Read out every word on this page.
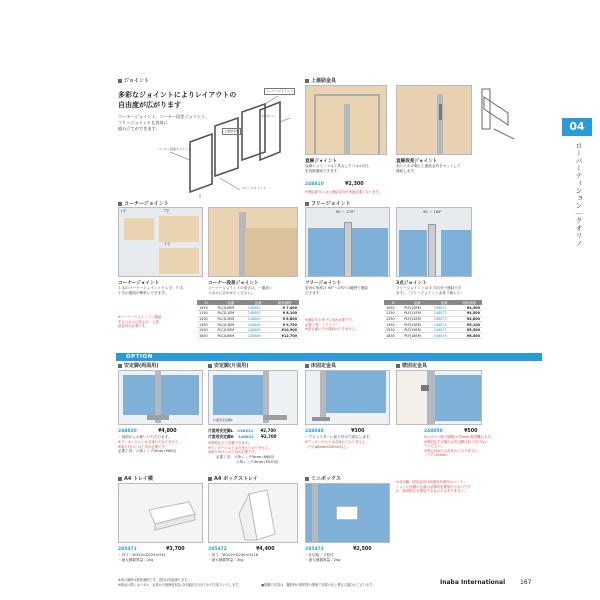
ジョイント
多彩なジョイントによりレイアウトの
自由度が広がります
コーナージョイント、コーナー段差ジョイント、
フリージョイントも容易に
組み立てができます。
コーナー段差ジョイント
コーナージョイント
L字カバー
上連結金具
フリージョイント
上連結金具
直線ジョイント
直線ジョイントは工具なしでパネル同士
を直線連結できます。
直線段差ジョイント
高いパネル側に上連結金具をセットして
連結します。
248810	¥2,300
※連結部分には上連結金具が別途必要になります。
コーナージョイント
L字	T字
十字
コーナージョイント
１本のコーナージョイントで L 字、T 字、
十字の連結が簡単にできます。
コーナー段差ジョイント
コーナージョイントの高さは、一番高い
パネルに合わせてください。
※コーナージョイントに連結
するパネルの高さが、上連
結金具が必要です。
H	品番	品番	税抜価格
1050	PLCJ10EM	248861	¥ 7,400
1150	PLCJ11EM	248862	¥ 8,100
1250	PLCJ12EM	248863	¥ 8,800
1350	PLCJ13EM	248864	¥ 9,700
1550	PLCJ15EM	248865	¥10,900
1850	PLCJ18EM	248866	¥12,700
フリージョイント
90 〜 270°	90 〜 180°
フリージョイント
室内の角度は 90°〜270°の範囲で連結
できます。
3点ジョイント
フリージョイントは 3 方向まで連結でき
ます。（フリージョイント金具３個入り）
※連結するまで工具が必要です。
必要工具：ドライバー
※高さ違いでの連結はできません。
H	品番	品番	税抜価格
1050	PLFJ10EM	248871	¥4,300
1150	PLFJ11EM	248872	¥4,500
1250	PLFJ12EM	248873	¥4,800
1350	PLFJ13EM	248874	¥5,100
1550	PLFJ15EM	248875	¥5,500
1850	PLFJ18EM	248876	¥6,500
04
ローパーティション｜クオリノ
OPTION
安定脚(両面用)
248820	¥4,800
・両面からお使いいただけます。
※アンカーボルトは含まれておりません。
※取り付けには工具が必要です。
必要工具：六角レンチ5mm (M6用)
安定脚(片面用)
片面用安定脚L
片面用安定脚L 248831 ¥2,700
片面用安定脚R 248832 ¥2,700
※壁際などに設置できます。
※アンカーボルトは含まれておりません。
※取り付けには工具が必要です。
必要工具：六角レンチ5mm (M6用)
六角レンチ4mm (M10用)
床固定金具
248840	¥300
・アジャスターに取り付けて固定します。
※アンカーボルトは含まれておりません。
（下穴φ8mm×20mm以上）
壁固定金具
248850	¥500
※パネルと壁の隙間は 25mm 程度離れます。
※壁固定する場合は安定脚は取り付けない
でください。
※固定用ねじは含まれておりません。
（下穴は4mm）
A4 トレイ横
285471	¥3,700
・内寸／W320×D225×H34
・最大積載質量／2kg
A4 ボックストレイ
285472	¥4,400
・内寸／W102×D230×H218
・最大積載質量／2kg
ミニボックス
285473	¥2,500
・仕切板／２枚付
・最大積載質量／2kg
※全店舗、固定金具は両面用を使用のパーティ
ションの先端の正面の品場所を推奨するものです
か、転倒防止を保証するものではありません。
※表示価格は税抜価格です。送料は別途承ります。
※納品の際にはパネル、金具がの後梱包材及び付属品を当社でお引き取りいたします。	●掲載の写真は、撮影時の照明等の関係で実際の色と異なる場合がございます。	Inaba International 167
